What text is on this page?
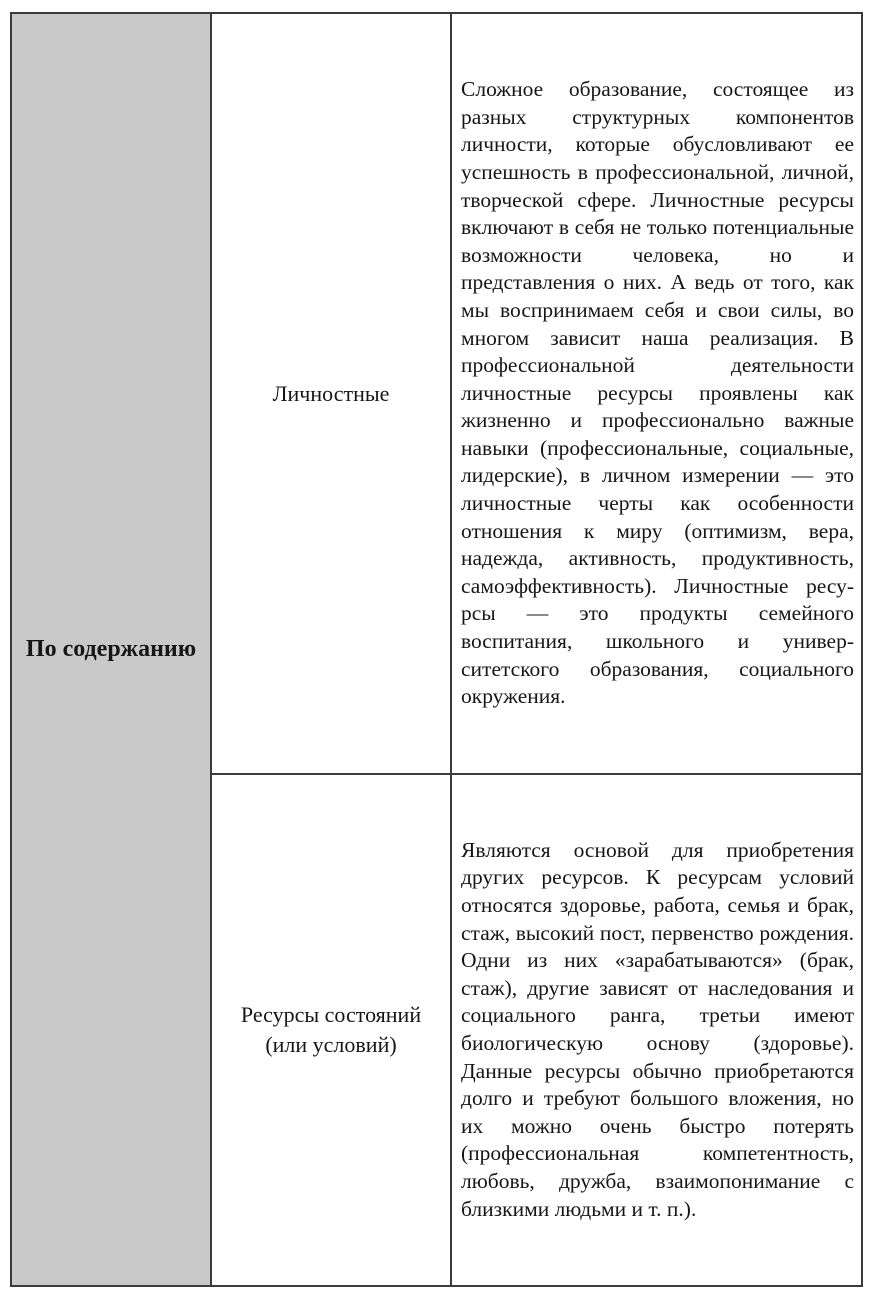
По содержанию
Личностные

Сложное образование, состоящее из разных структурных компонентов личности, которые обусловливают ее успешность в профессиональной, личной, творческой сфере. Личностные ресурсы включают в себя не только потенциальные возможности человека, но и представления о них. А ведь от того, как мы воспринимаем себя и свои силы, во многом зависит наша реализация. В профессиональной деятельности личностные ресурсы проявлены как жизненно и профессионально важные навыки (профессиональные, социальные, лидерские), в личном измерении — это личностные черты как особенности отношения к миру (оптимизм, вера, надежда, активность, продуктивность, самоэффективность). Личностные ресурсы — это продукты семейного воспитания, школьного и университетского образования, социального окружения.

Ресурсы состояний (или условий)

Являются основой для приобретения других ресурсов. К ресурсам условий относятся здоровье, работа, семья и брак, стаж, высокий пост, первенство рождения. Одни из них «зарабатываются» (брак, стаж), другие зависят от наследования и социального ранга, третьи имеют биологическую основу (здоровье). Данные ресурсы обычно приобретаются долго и требуют большого вложения, но их можно очень быстро потерять (профессиональная компетентность, любовь, дружба, взаимопонимание с близкими людьми и т. п.).
